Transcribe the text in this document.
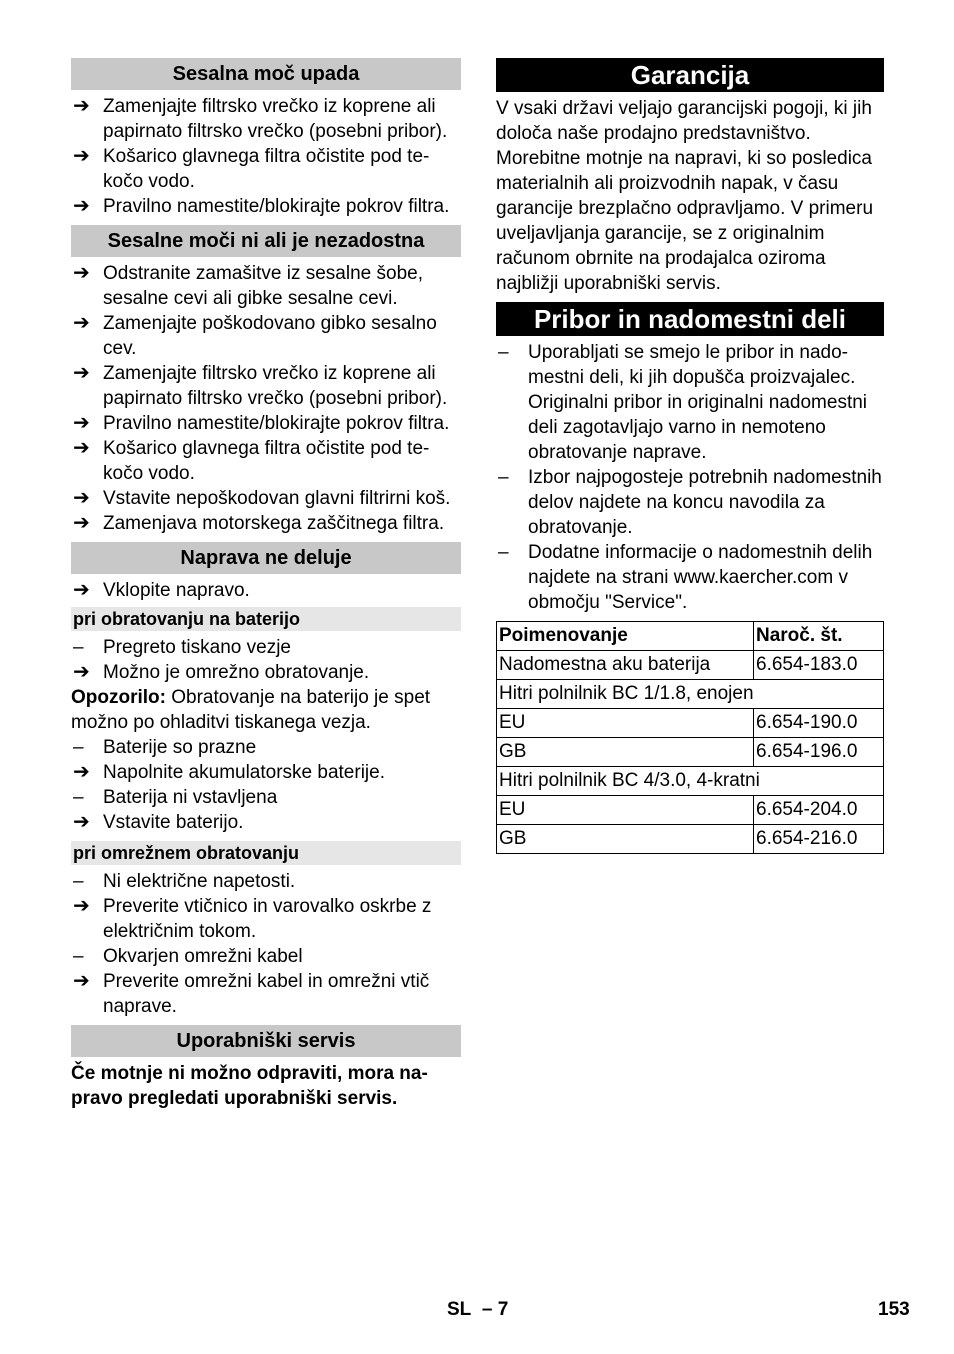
Sesalna moč upada

➔ Zamenjajte filtrsko vrečko iz koprene ali papirnato filtrsko vrečko (posebni pribor).

➔ Košarico glavnega filtra očistite pod tekočo vodo.

➔ Pravilno namestite/blokirajte pokrov filtra.

Sesalne moči ni ali je nezadostna

➔ Odstranite zamašitve iz sesalne šobe, sesalne cevi ali gibke sesalne cevi.

➔ Zamenjajte poškodovano gibko sesalno cev.

➔ Zamenjajte filtrsko vrečko iz koprene ali papirnato filtrsko vrečko (posebni pribor).

➔ Pravilno namestite/blokirajte pokrov filtra.

➔ Košarico glavnega filtra očistite pod tekočo vodo.

➔ Vstavite nepoškodovan glavni filtrirni koš.

➔ Zamenjava motorskega zaščitnega filtra.

Naprava ne deluje

➔ Vklopite napravo.

pri obratovanju na baterijo

–	Pregreto tiskano vezje

➔ Možno je omrežno obratovanje.

Opozorilo: Obratovanje na baterijo je spet možno po ohladitvi tiskanega vezja.

–	Baterije so prazne

➔ Napolnite akumulatorske baterije.

–	Baterija ni vstavljena

➔ Vstavite baterijo.

pri omrežnem obratovanju

–	Ni električne napetosti.

➔ Preverite vtičnico in varovalko oskrbe z električnim tokom.

–	Okvarjen omrežni kabel

➔ Preverite omrežni kabel in omrežni vtič naprave.

Uporabniški servis

Če motnje ni možno odpraviti, mora napravo pregledati uporabniški servis.

Garancija

V vsaki državi veljajo garancijski pogoji, ki jih določa naše prodajno predstavništvo. Morebitne motnje na napravi, ki so posledica materialnih ali proizvodnih napak, v času garancije brezplačno odpravljamo. V primeru uveljavljanja garancije, se z originalnim računom obrnite na prodajalca oziroma najbližji uporabniški servis.

Pribor in nadomestni deli

–	Uporabljati se smejo le pribor in nadomestni deli, ki jih dopušča proizvajalec. Originalni pribor in originalni nadomestni deli zagotavljajo varno in nemoteno obratovanje naprave.

–	Izbor najpogosteje potrebnih nadomestnih delov najdete na koncu navodila za obratovanje.

–	Dodatne informacije o nadomestnih delih najdete na strani www.kaercher.com v območju "Service".

Poimenovanje	Naroč. št.
Nadomestna aku baterija	6.654-183.0
Hitri polnilnik BC 1/1.8, enojen	
EU	6.654-190.0
GB	6.654-196.0
Hitri polnilnik BC 4/3.0, 4-kratni	
EU	6.654-204.0
GB	6.654-216.0
SL – 7	153
